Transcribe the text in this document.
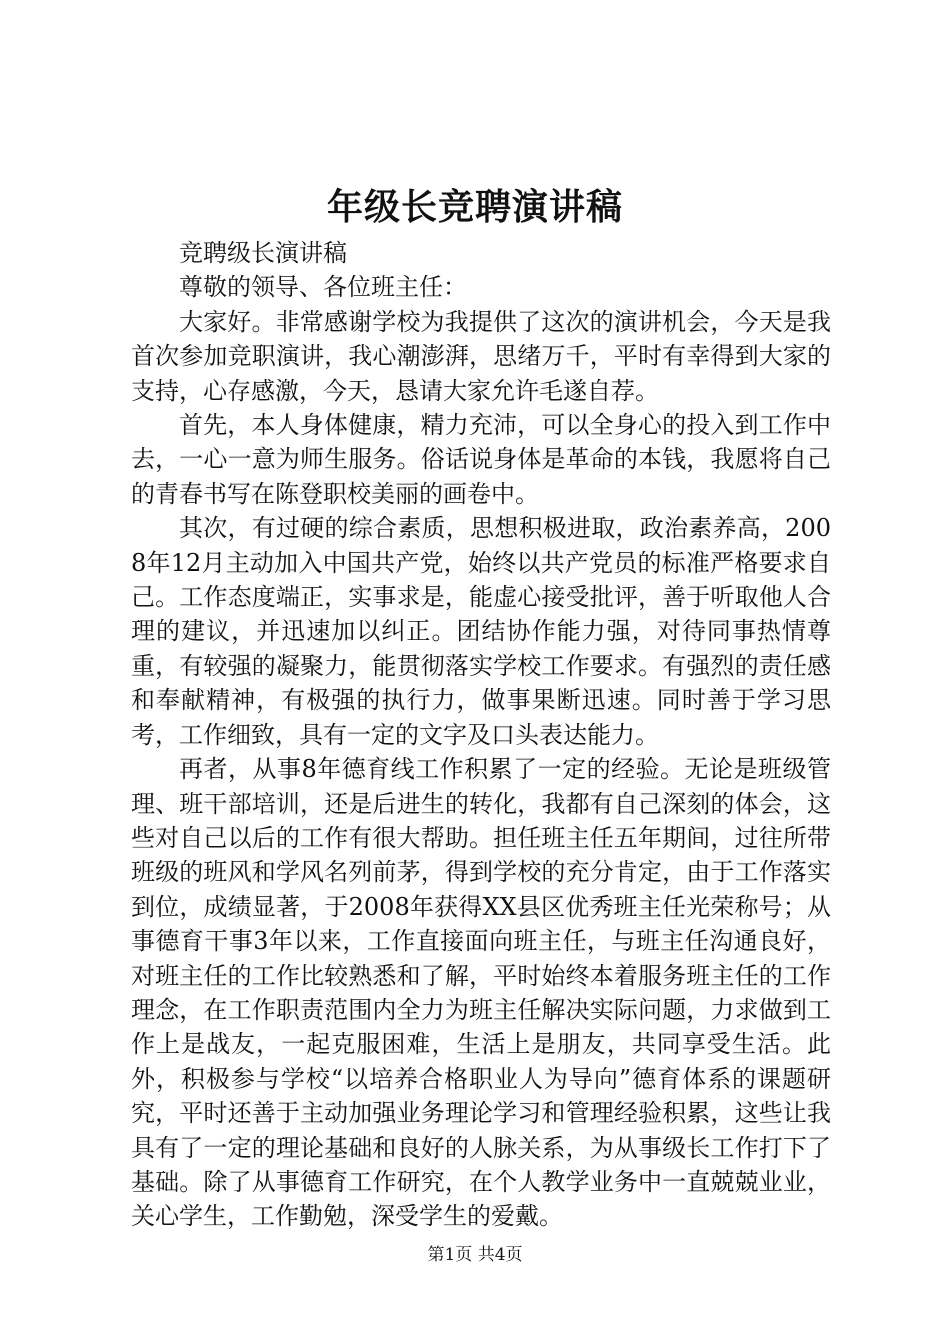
年级长竞聘演讲稿

竞聘级长演讲稿

尊敬的领导、各位班主任：

大家好。非常感谢学校为我提供了这次的演讲机会，今天是我首次参加竞职演讲，我心潮澎湃，思绪万千，平时有幸得到大家的支持，心存感激，今天，恳请大家允许毛遂自荐。

首先，本人身体健康，精力充沛，可以全身心的投入到工作中去，一心一意为师生服务。俗话说身体是革命的本钱，我愿将自己的青春书写在陈登职校美丽的画卷中。

其次，有过硬的综合素质，思想积极进取，政治素养高，2008年12月主动加入中国共产党，始终以共产党员的标准严格要求自己。工作态度端正，实事求是，能虚心接受批评，善于听取他人合理的建议，并迅速加以纠正。团结协作能力强，对待同事热情尊重，有较强的凝聚力，能贯彻落实学校工作要求。有强烈的责任感和奉献精神，有极强的执行力，做事果断迅速。同时善于学习思考，工作细致，具有一定的文字及口头表达能力。

再者，从事8年德育线工作积累了一定的经验。无论是班级管理、班干部培训，还是后进生的转化，我都有自己深刻的体会，这些对自己以后的工作有很大帮助。担任班主任五年期间，过往所带班级的班风和学风名列前茅，得到学校的充分肯定，由于工作落实到位，成绩显著，于2008年获得XX县区优秀班主任光荣称号；从事德育干事3年以来，工作直接面向班主任，与班主任沟通良好，对班主任的工作比较熟悉和了解，平时始终本着服务班主任的工作理念，在工作职责范围内全力为班主任解决实际问题，力求做到工作上是战友，一起克服困难，生活上是朋友，共同享受生活。此外，积极参与学校“以培养合格职业人为导向”德育体系的课题研究，平时还善于主动加强业务理论学习和管理经验积累，这些让我具有了一定的理论基础和良好的人脉关系，为从事级长工作打下了基础。除了从事德育工作研究，在个人教学业务中一直兢兢业业，关心学生，工作勤勉，深受学生的爱戴。

第1页 共4页
